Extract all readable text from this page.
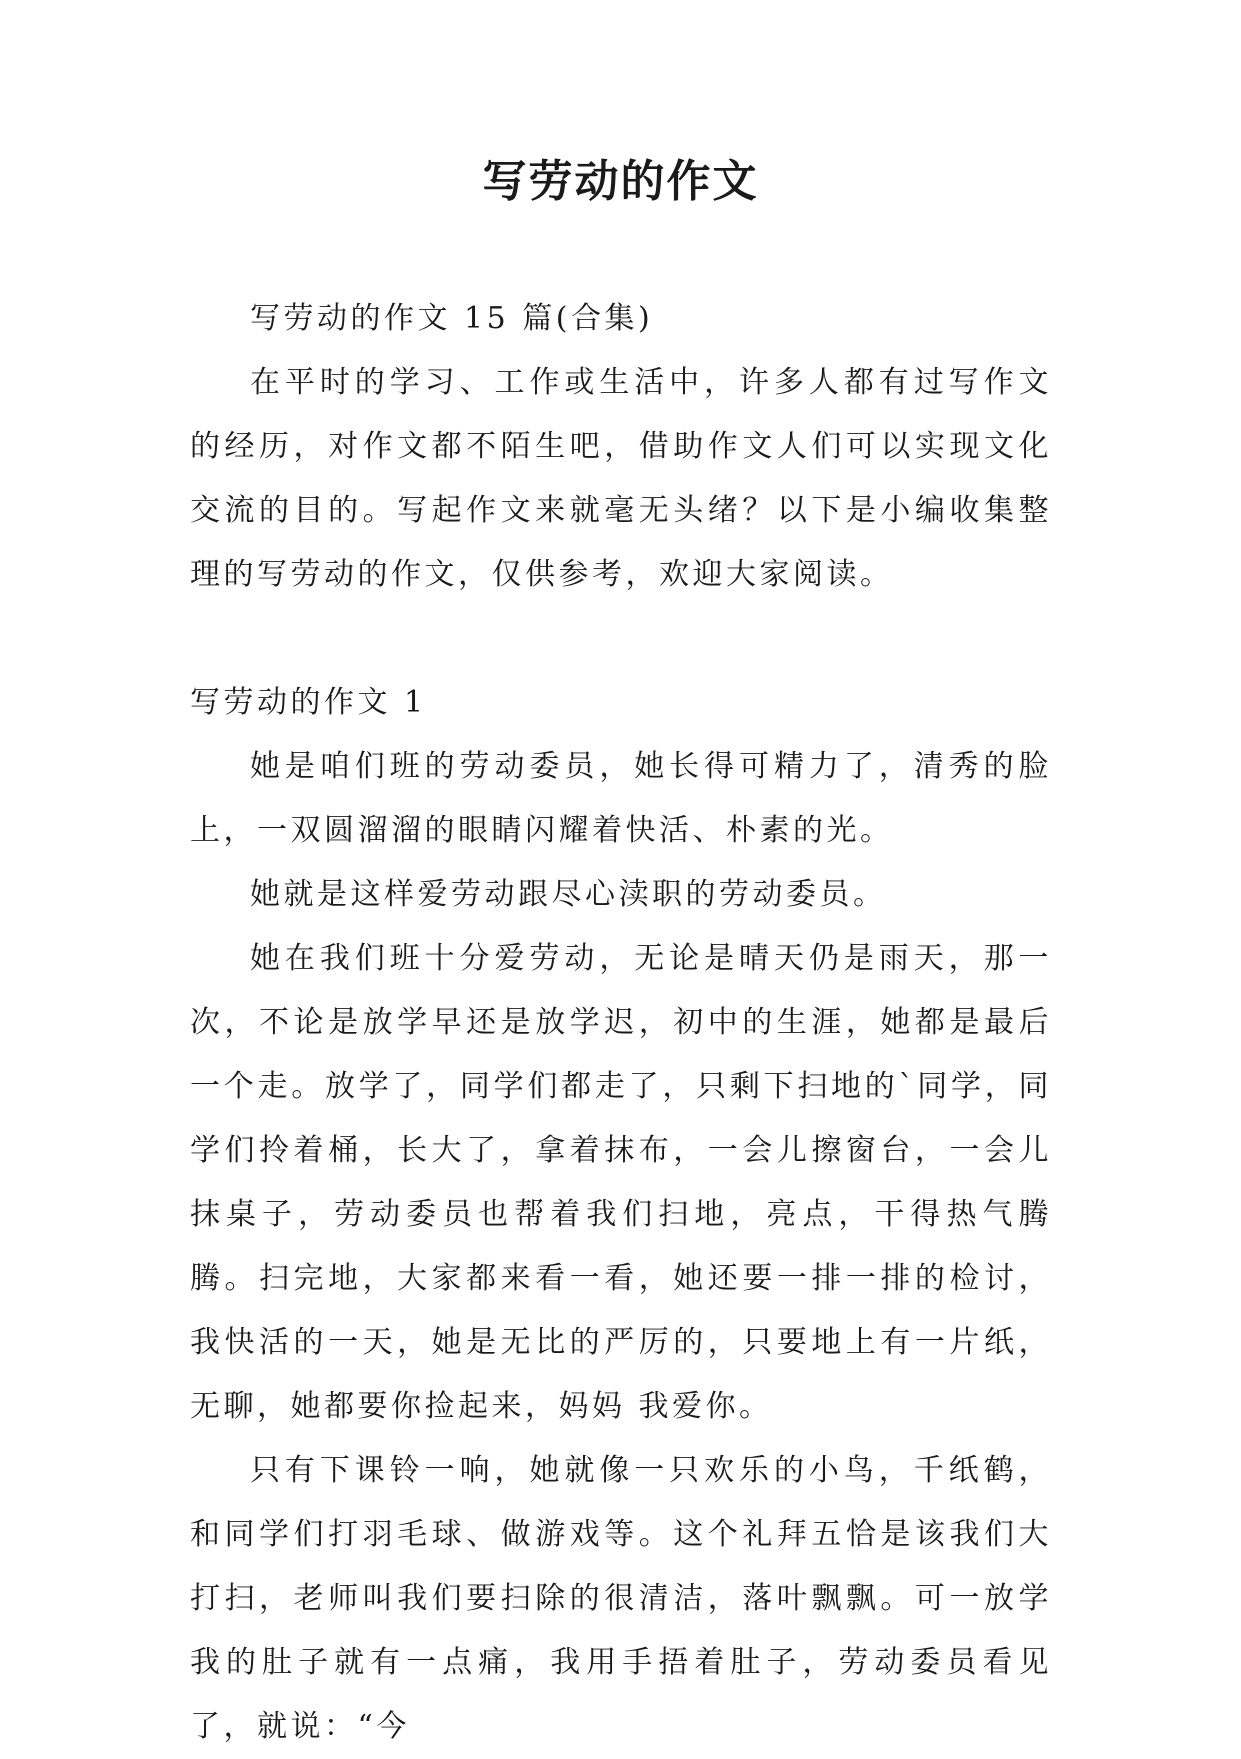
写劳动的作文

写劳动的作文 15 篇(合集)

在平时的学习、工作或生活中，许多人都有过写作文的经历，对作文都不陌生吧，借助作文人们可以实现文化交流的目的。写起作文来就毫无头绪？以下是小编收集整理的写劳动的作文，仅供参考，欢迎大家阅读。

写劳动的作文 1

她是咱们班的劳动委员，她长得可精力了，清秀的脸上，一双圆溜溜的眼睛闪耀着快活、朴素的光。

她就是这样爱劳动跟尽心渎职的劳动委员。

她在我们班十分爱劳动，无论是晴天仍是雨天，那一次，不论是放学早还是放学迟，初中的生涯，她都是最后一个走。放学了，同学们都走了，只剩下扫地的`同学，同学们拎着桶，长大了，拿着抹布，一会儿擦窗台，一会儿抹桌子，劳动委员也帮着我们扫地，亮点，干得热气腾腾。扫完地，大家都来看一看，她还要一排一排的检讨，我快活的一天，她是无比的严厉的，只要地上有一片纸，无聊，她都要你捡起来，妈妈 我爱你。

只有下课铃一响，她就像一只欢乐的小鸟，千纸鹤，和同学们打羽毛球、做游戏等。这个礼拜五恰是该我们大打扫，老师叫我们要扫除的很清洁，落叶飘飘。可一放学我的肚子就有一点痛，我用手捂着肚子，劳动委员看见了，就说：“今
